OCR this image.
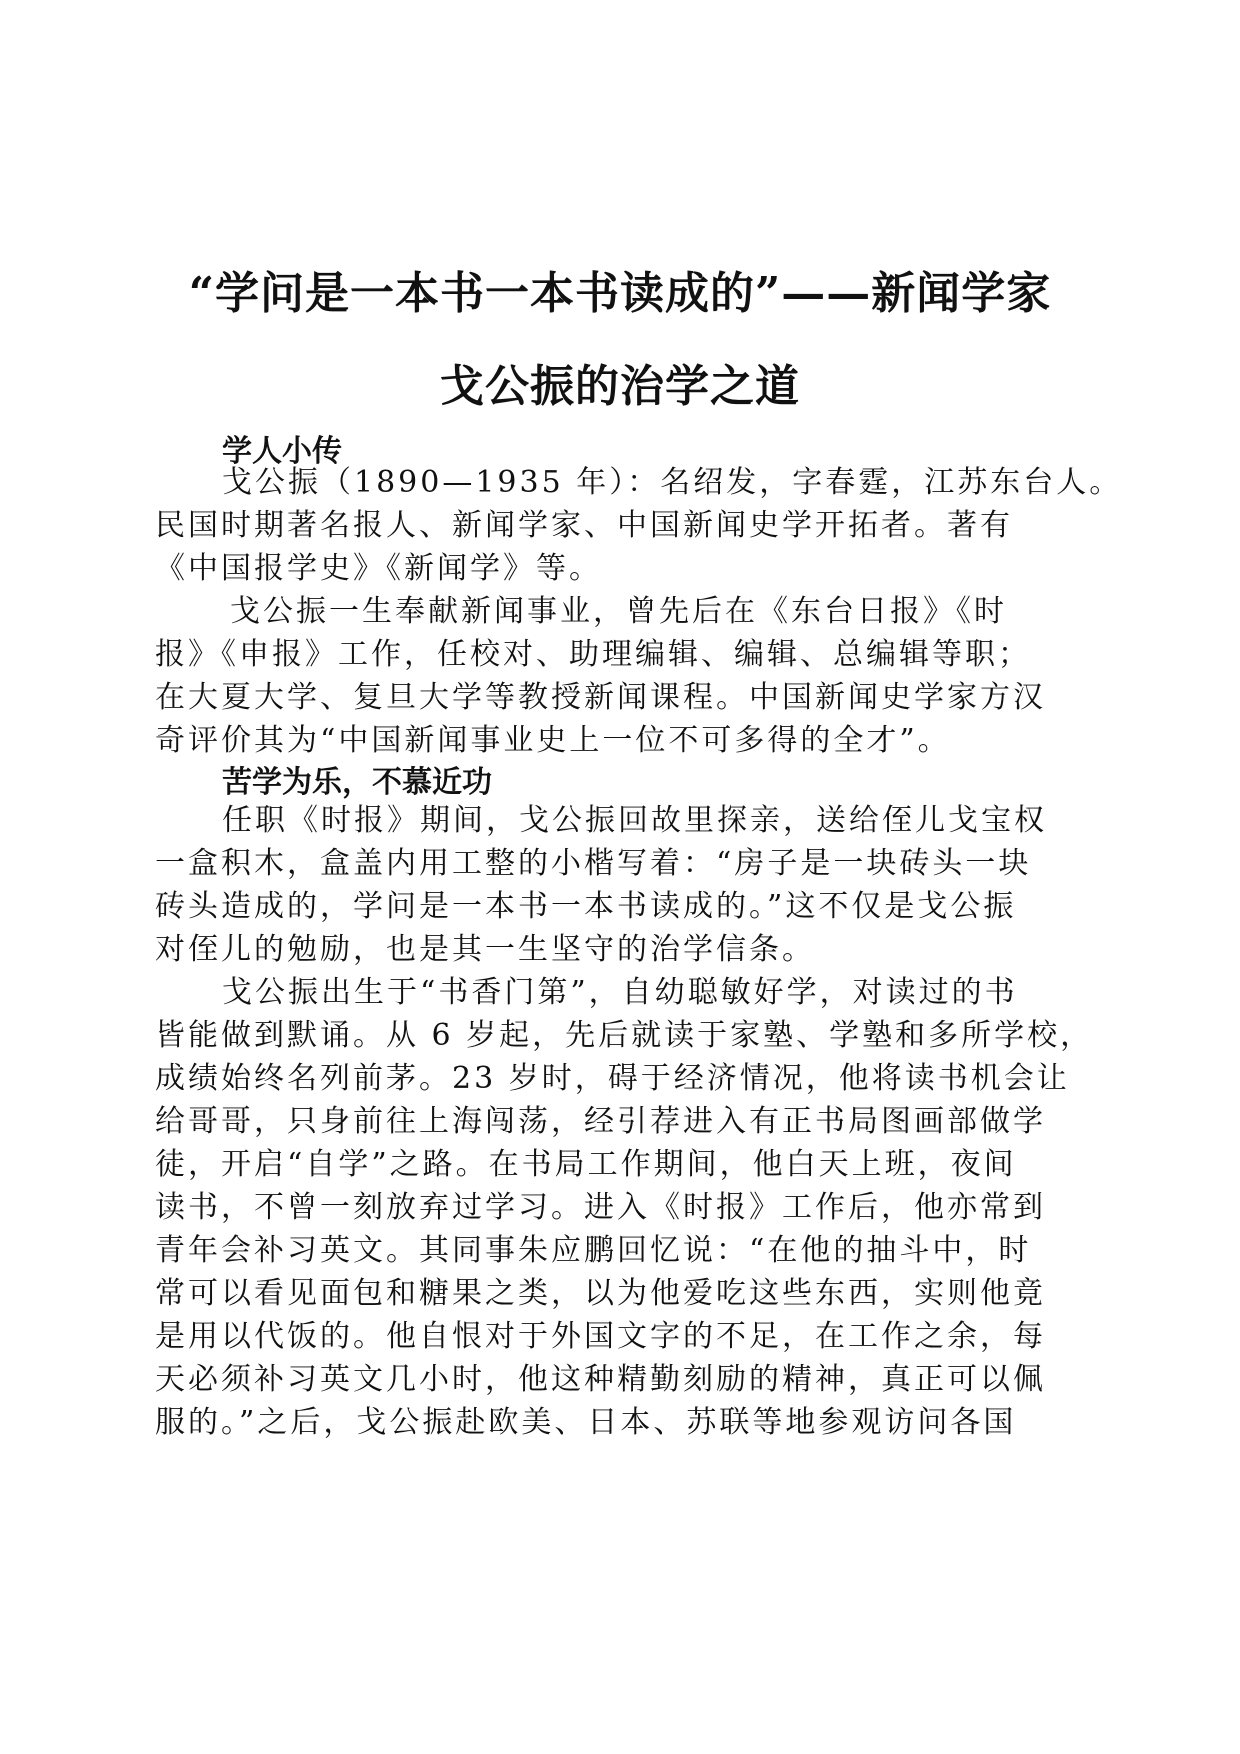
“学问是一本书一本书读成的”——新闻学家
戈公振的治学之道
学人小传
戈公振（1890—1935 年）：名绍发，字春霆，江苏东台人。
民国时期著名报人、新闻学家、中国新闻史学开拓者。著有
《中国报学史》《新闻学》等。
戈公振一生奉献新闻事业，曾先后在《东台日报》《时
报》《申报》工作，任校对、助理编辑、编辑、总编辑等职；
在大夏大学、复旦大学等教授新闻课程。中国新闻史学家方汉
奇评价其为“中国新闻事业史上一位不可多得的全才”。
苦学为乐，不慕近功
任职《时报》期间，戈公振回故里探亲，送给侄儿戈宝权
一盒积木，盒盖内用工整的小楷写着：“房子是一块砖头一块
砖头造成的，学问是一本书一本书读成的。”这不仅是戈公振
对侄儿的勉励，也是其一生坚守的治学信条。
戈公振出生于“书香门第”，自幼聪敏好学，对读过的书
皆能做到默诵。从 6 岁起，先后就读于家塾、学塾和多所学校，
成绩始终名列前茅。23 岁时，碍于经济情况，他将读书机会让
给哥哥，只身前往上海闯荡，经引荐进入有正书局图画部做学
徒，开启“自学”之路。在书局工作期间，他白天上班，夜间
读书，不曾一刻放弃过学习。进入《时报》工作后，他亦常到
青年会补习英文。其同事朱应鹏回忆说：“在他的抽斗中，时
常可以看见面包和糖果之类，以为他爱吃这些东西，实则他竟
是用以代饭的。他自恨对于外国文字的不足，在工作之余，每
天必须补习英文几小时，他这种精勤刻励的精神，真正可以佩
服的。”之后，戈公振赴欧美、日本、苏联等地参观访问各国
